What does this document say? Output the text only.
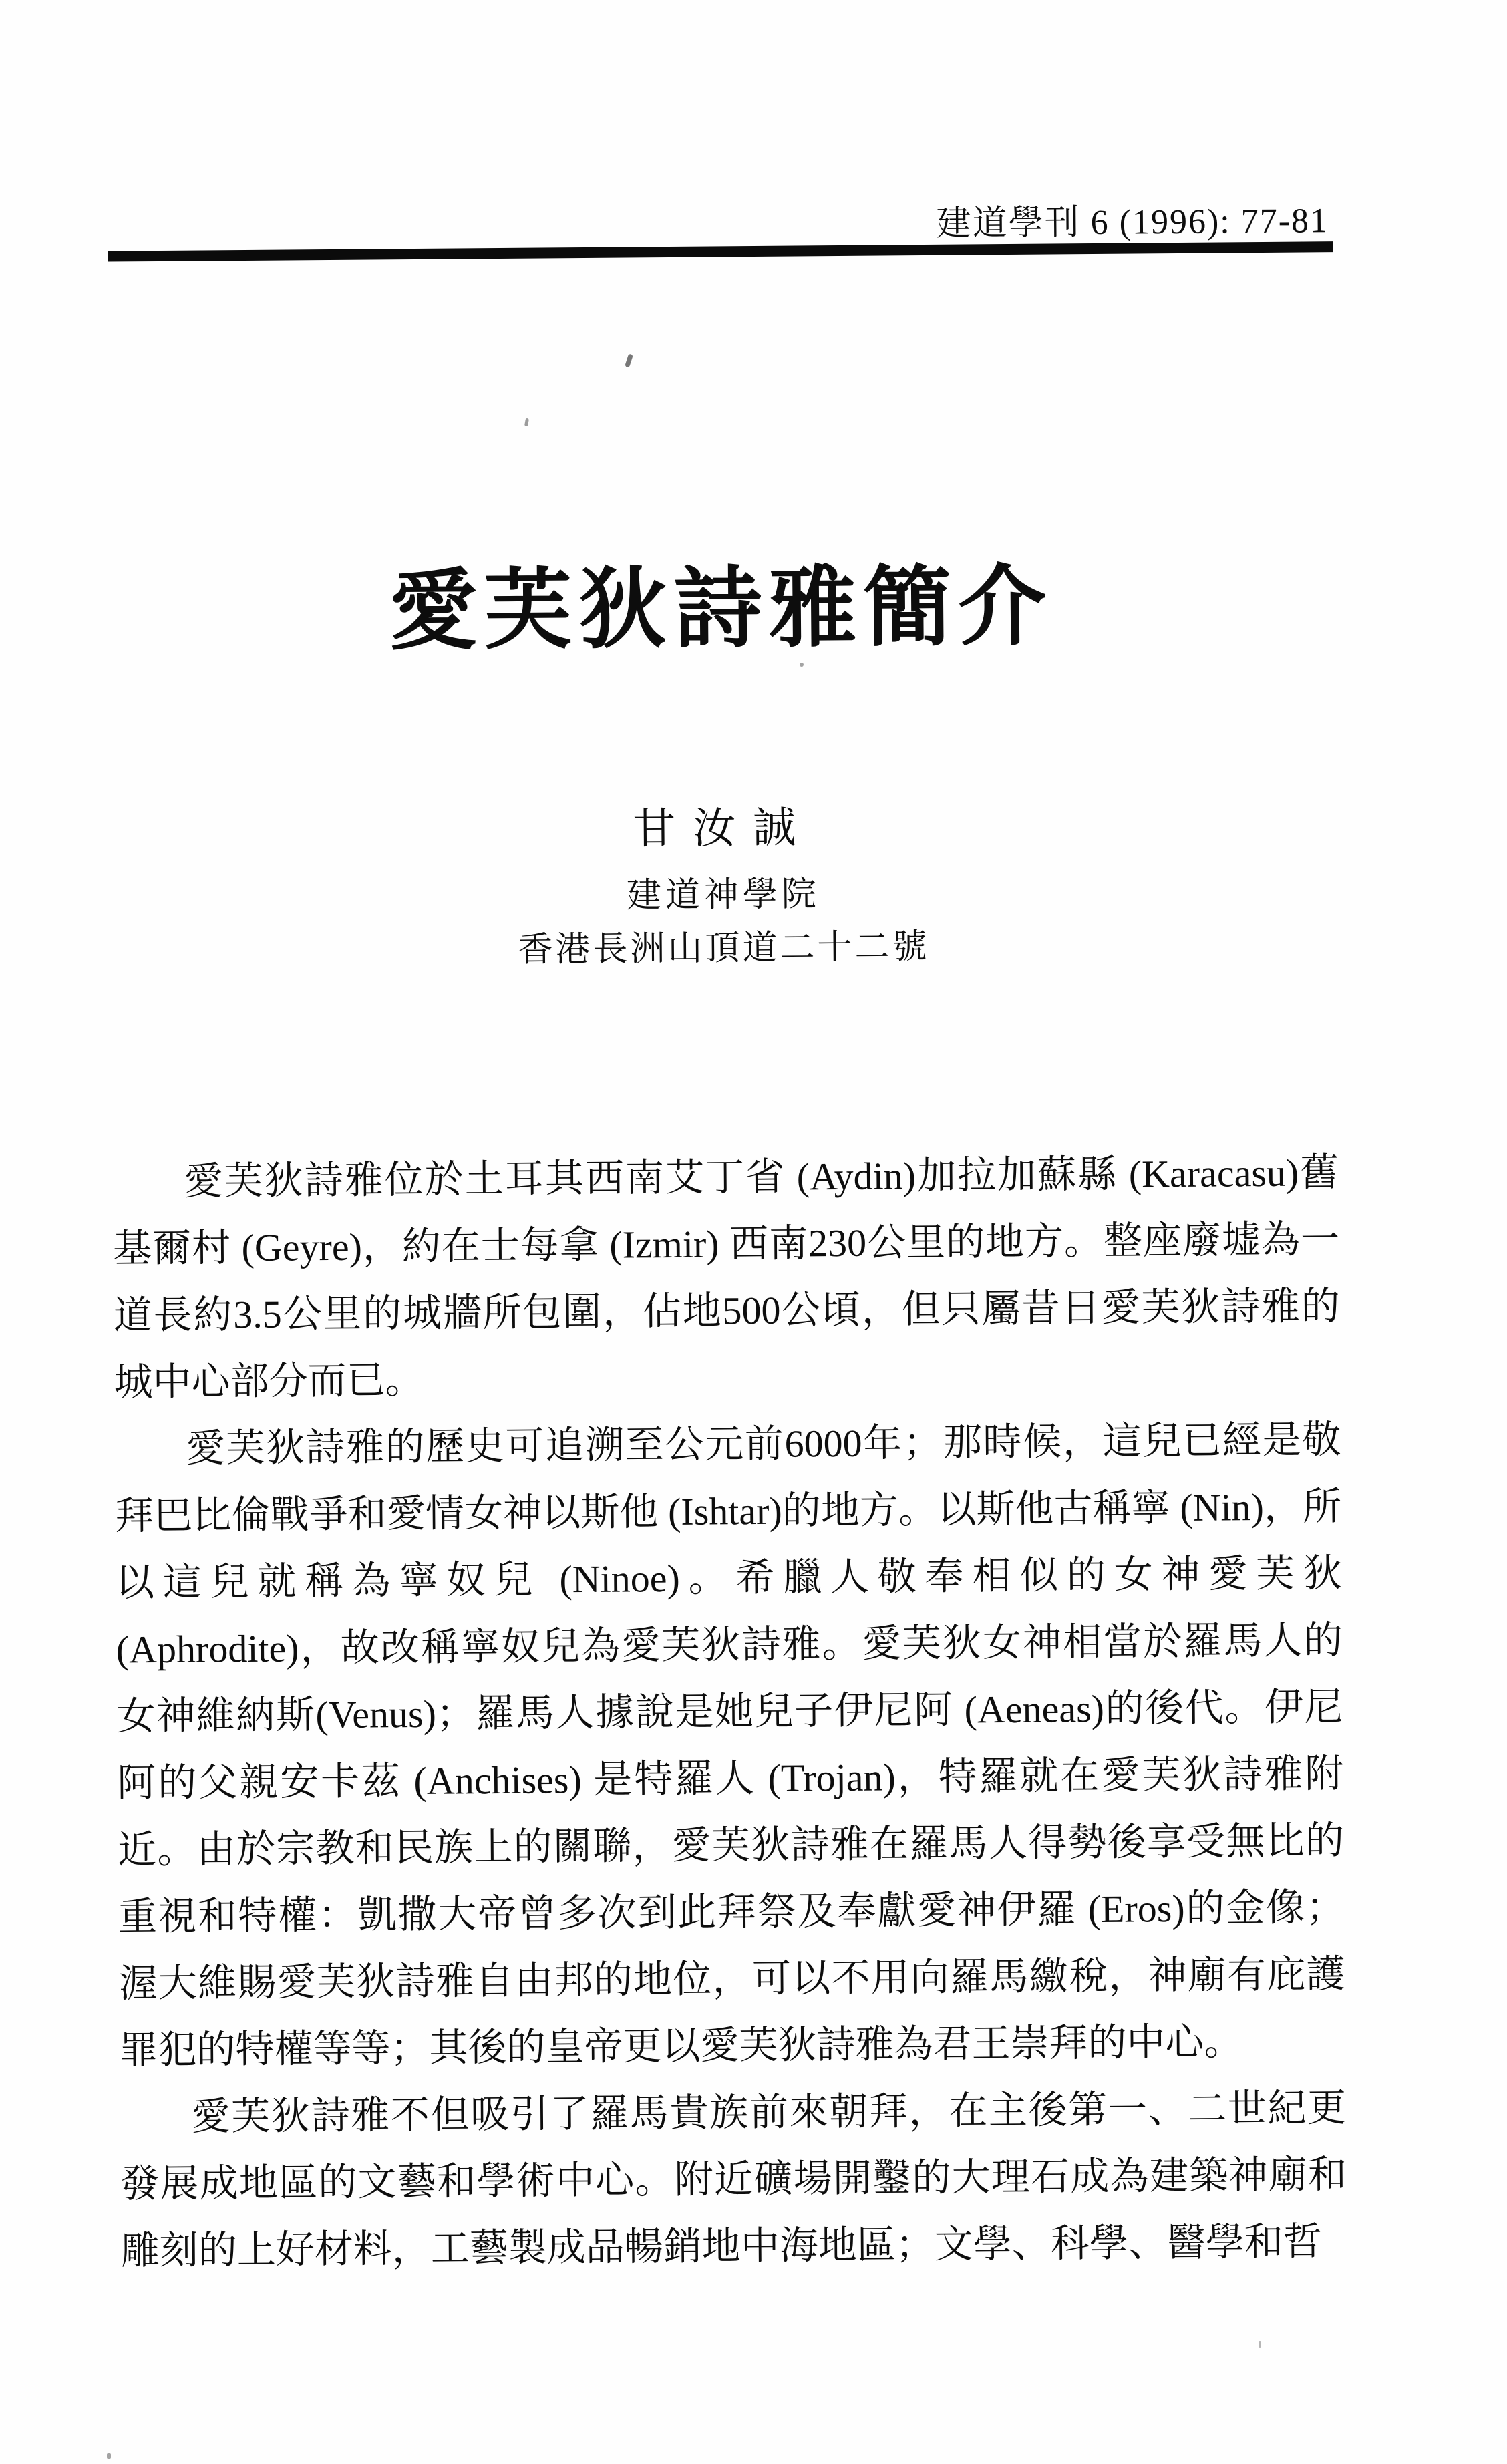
建道學刊 6 (1996): 77-81
愛芙狄詩雅簡介
甘汝誠
建道神學院
香港長洲山頂道二十二號

愛芙狄詩雅位於土耳其西南艾丁省 (Aydin)加拉加蘇縣 (Karacasu)舊基爾村 (Geyre)，約在士每拿 (Izmir) 西南230公里的地方。整座廢墟為一道長約3.5公里的城牆所包圍，佔地500公頃，但只屬昔日愛芙狄詩雅的城中心部分而已。

愛芙狄詩雅的歷史可追溯至公元前6000年；那時候，這兒已經是敬拜巴比倫戰爭和愛情女神以斯他 (Ishtar)的地方。以斯他古稱寧 (Nin)，所以這兒就稱為寧奴兒 (Ninoe)。希臘人敬奉相似的女神愛芙狄 (Aphrodite)，故改稱寧奴兒為愛芙狄詩雅。愛芙狄女神相當於羅馬人的女神維納斯(Venus)；羅馬人據說是她兒子伊尼阿 (Aeneas)的後代。伊尼阿的父親安卡茲 (Anchises) 是特羅人 (Trojan)，特羅就在愛芙狄詩雅附近。由於宗教和民族上的關聯，愛芙狄詩雅在羅馬人得勢後享受無比的重視和特權：凱撒大帝曾多次到此拜祭及奉獻愛神伊羅 (Eros)的金像；渥大維賜愛芙狄詩雅自由邦的地位，可以不用向羅馬繳稅，神廟有庇護罪犯的特權等等；其後的皇帝更以愛芙狄詩雅為君王崇拜的中心。

愛芙狄詩雅不但吸引了羅馬貴族前來朝拜，在主後第一、二世紀更發展成地區的文藝和學術中心。附近礦場開鑿的大理石成為建築神廟和雕刻的上好材料，工藝製成品暢銷地中海地區；文學、科學、醫學和哲
